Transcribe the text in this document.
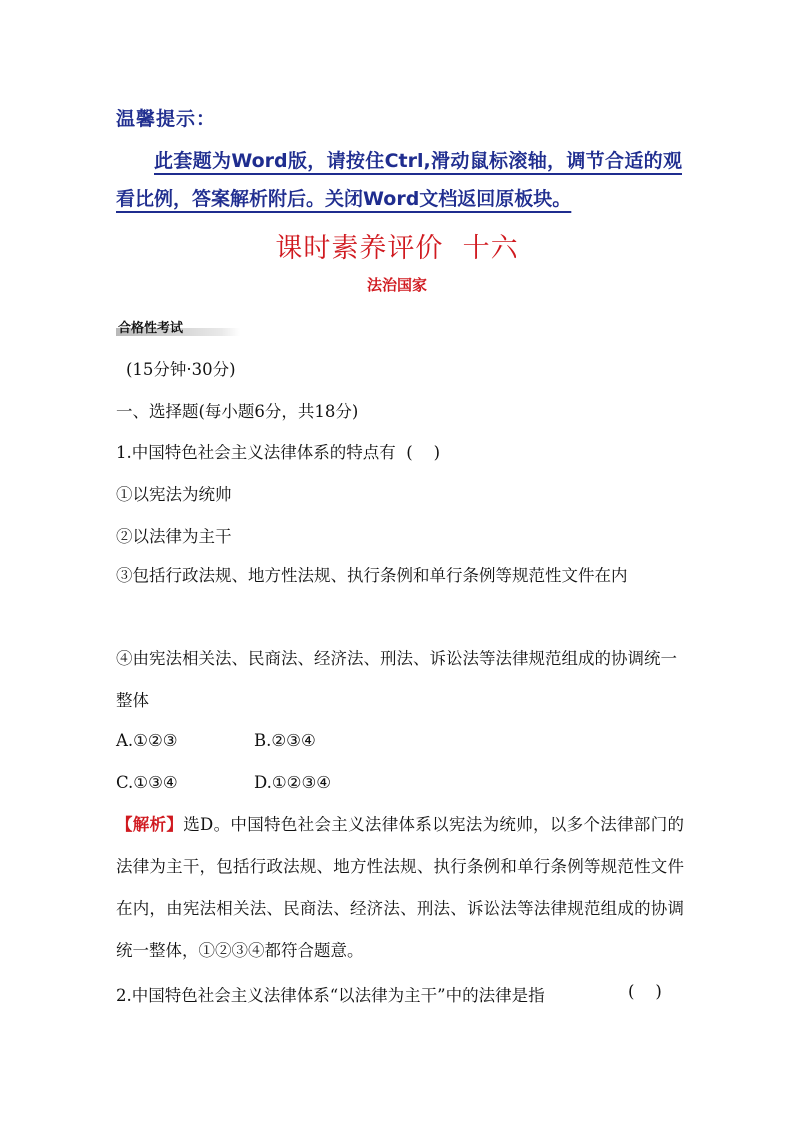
温馨提示：
此套题为Word版，请按住Ctrl,滑动鼠标滚轴，调节合适的观看比例，答案解析附后。关闭Word文档返回原板块。
课时素养评价  十六
法治国家
合格性考试
(15分钟·30分)
一、选择题(每小题6分，共18分)
1.中国特色社会主义法律体系的特点有  (    )
①以宪法为统帅
②以法律为主干
③包括行政法规、地方性法规、执行条例和单行条例等规范性文件在内
④由宪法相关法、民商法、经济法、刑法、诉讼法等法律规范组成的协调统一整体
A.①②③	B.②③④
C.①③④	D.①②③④
【解析】选D。中国特色社会主义法律体系以宪法为统帅，以多个法律部门的法律为主干，包括行政法规、地方性法规、执行条例和单行条例等规范性文件在内，由宪法相关法、民商法、经济法、刑法、诉讼法等法律规范组成的协调统一整体，①②③④都符合题意。
2.中国特色社会主义法律体系“以法律为主干”中的法律是指	(    )
